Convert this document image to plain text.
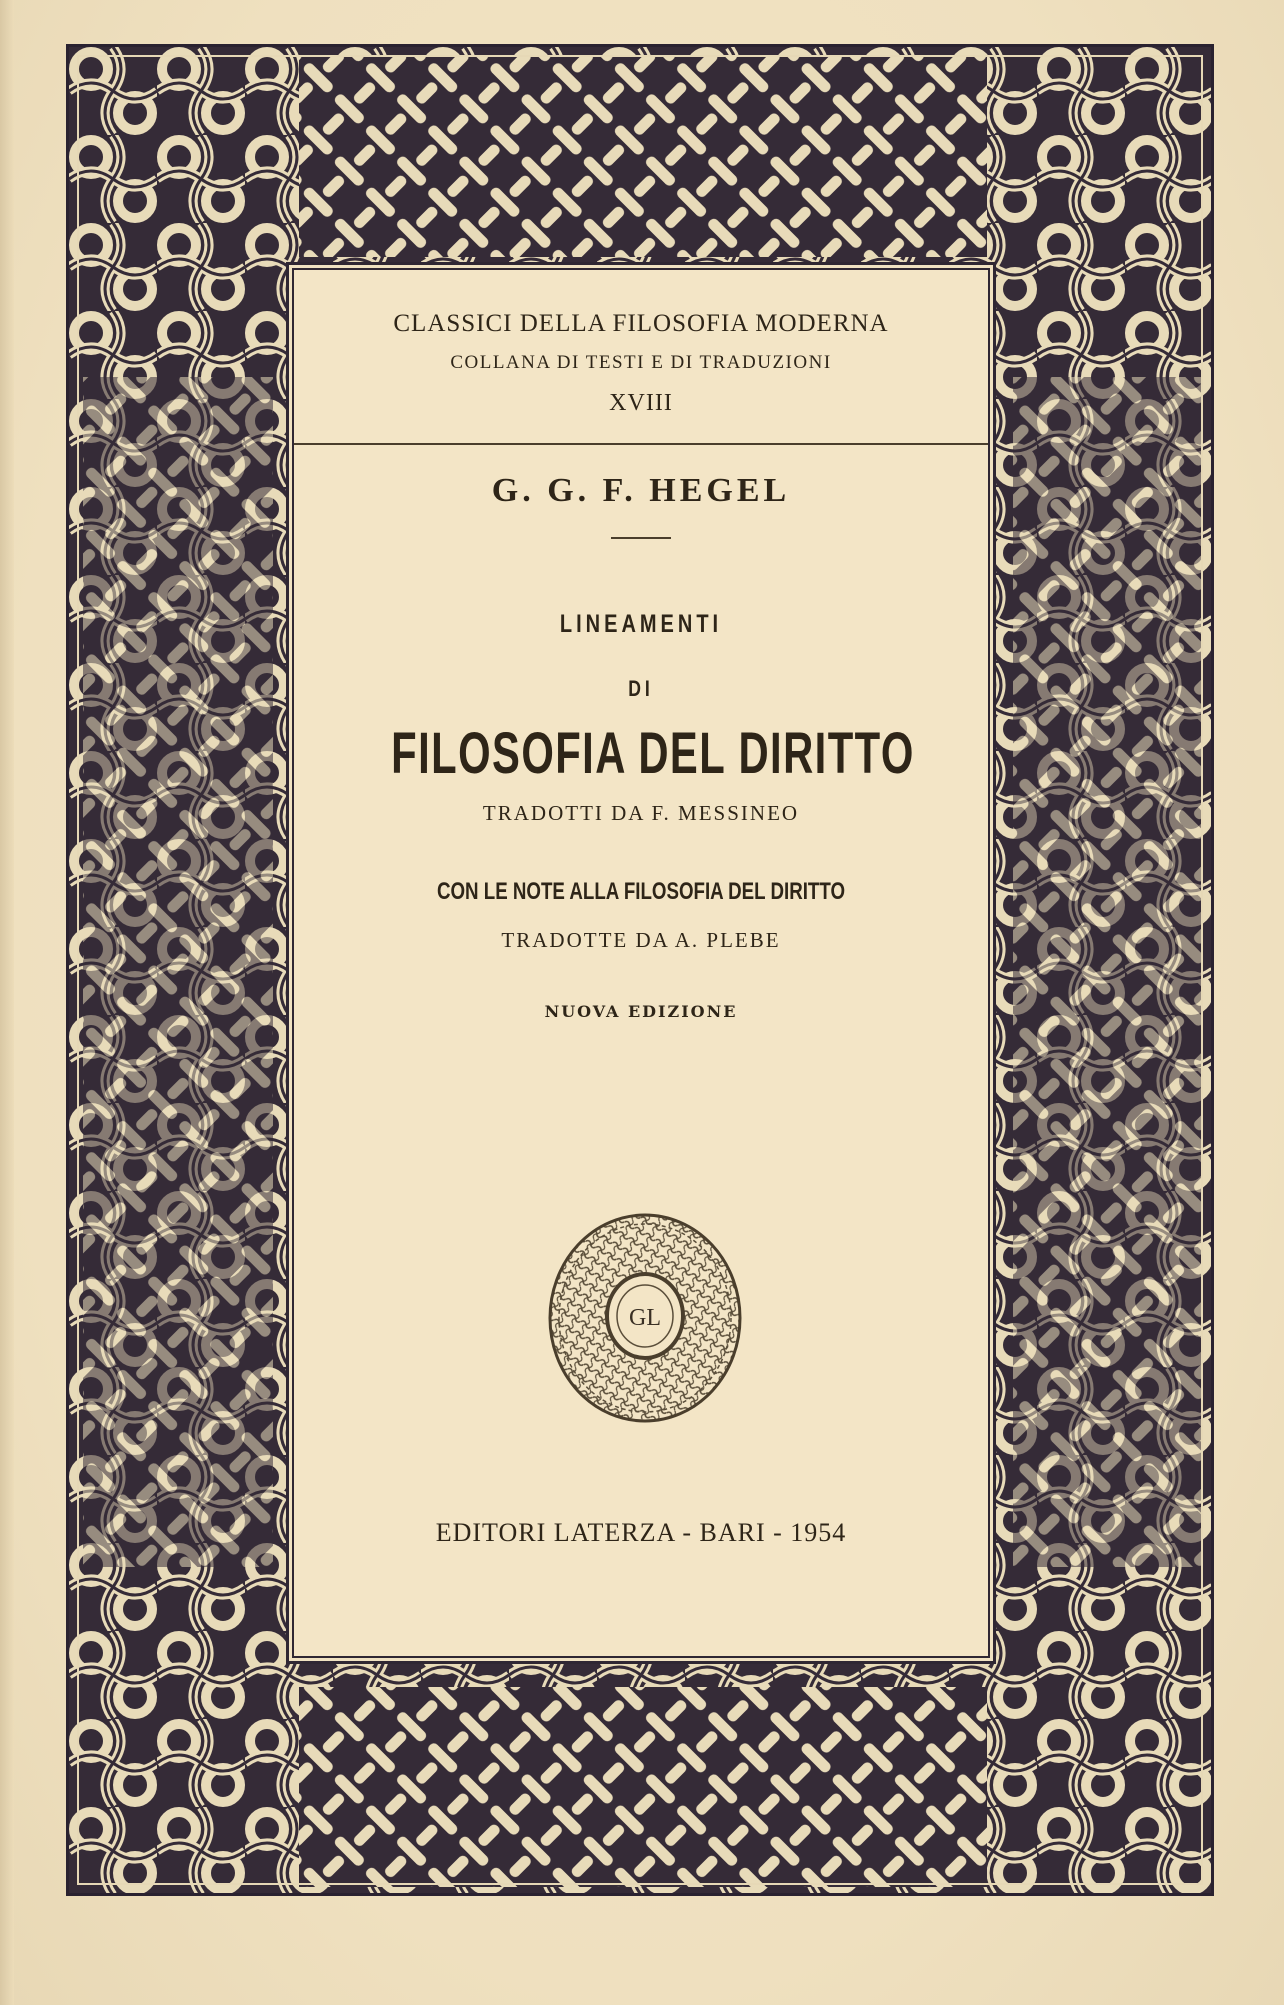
CLASSICI DELLA FILOSOFIA MODERNA
COLLANA DI TESTI E DI TRADUZIONI
XVIII
G. G. F. HEGEL
LINEAMENTI
DI
FILOSOFIA DEL DIRITTO
TRADOTTI DA F. MESSINEO
CON LE NOTE ALLA FILOSOFIA DEL DIRITTO
TRADOTTE DA A. PLEBE
NUOVA EDIZIONE
GL
EDITORI LATERZA - BARI - 1954
